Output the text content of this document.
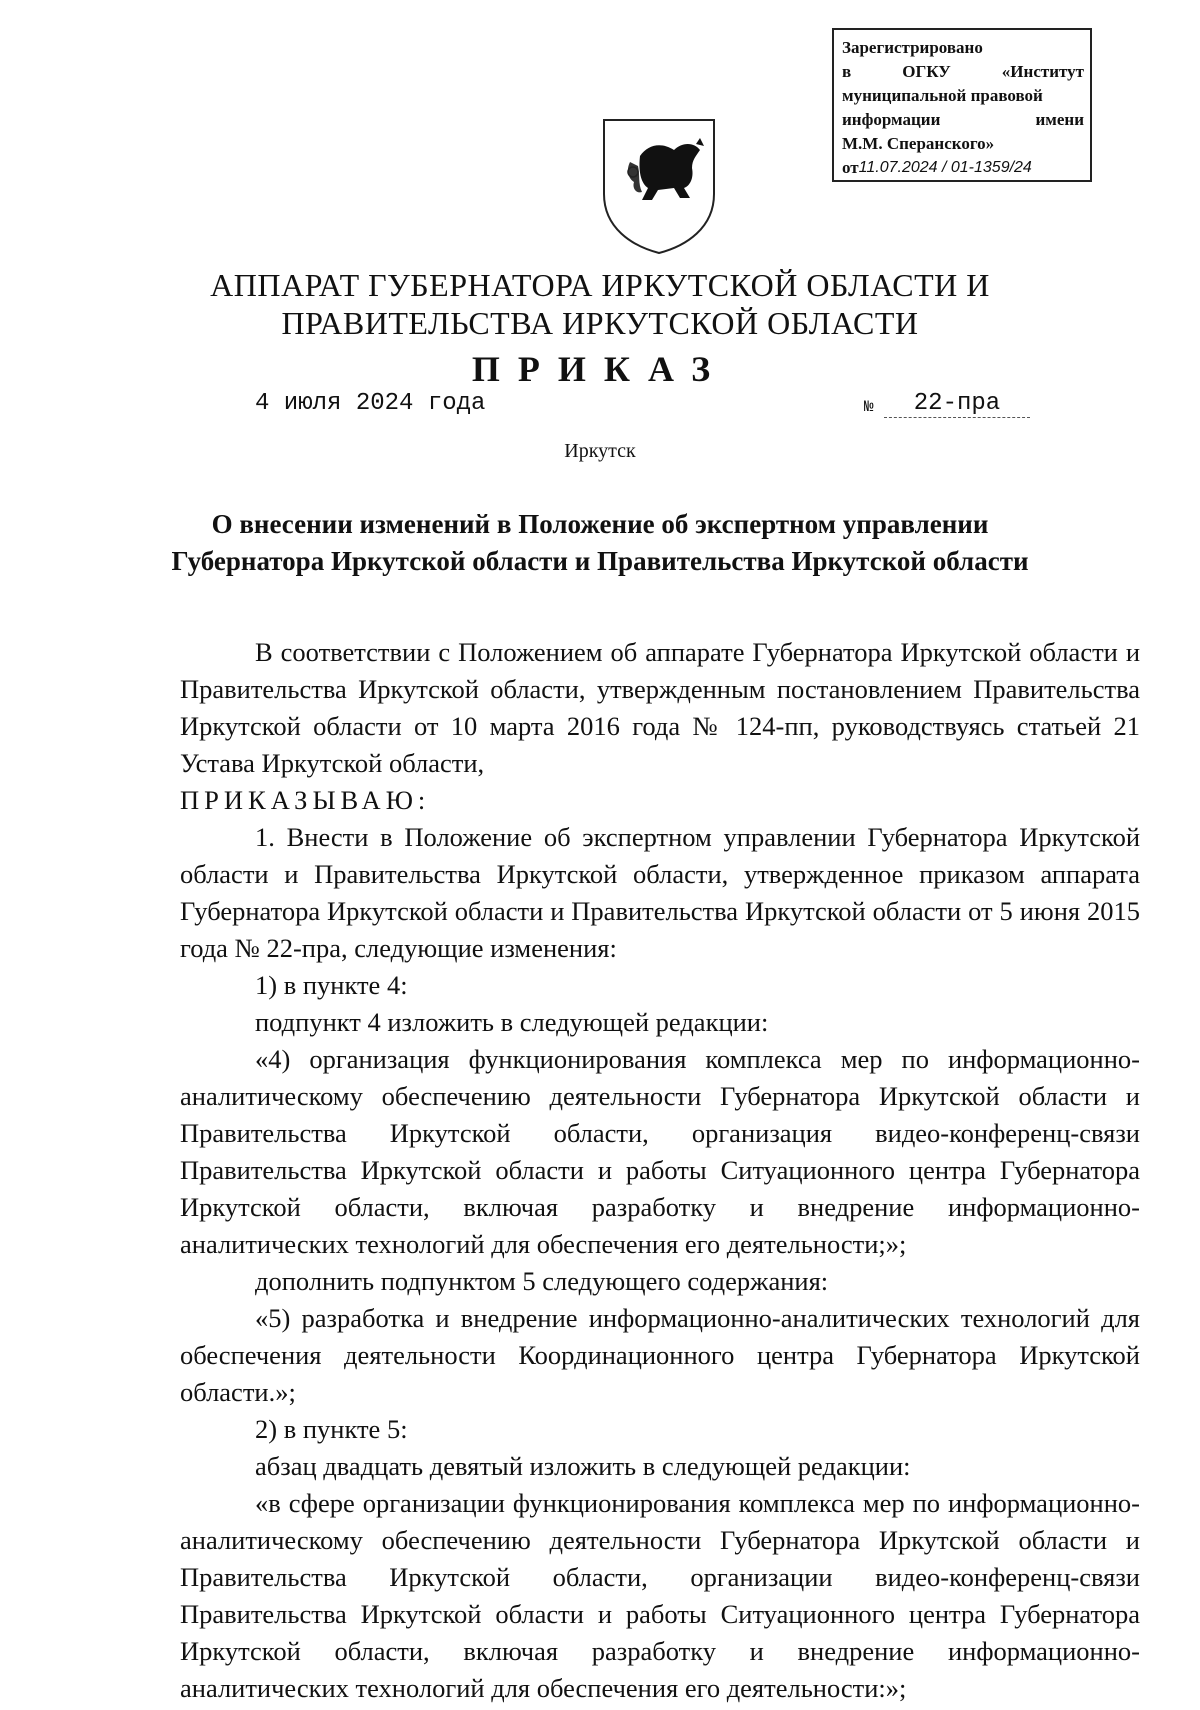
Зарегистрировано
в	ОГКУ	«Институт
муниципальной правовой
информации	имени
М.М. Сперанского»
от 11.07.2024 / 01-1359/24
АППАРАТ ГУБЕРНАТОРА ИРКУТСКОЙ ОБЛАСТИ И
ПРАВИТЕЛЬСТВА ИРКУТСКОЙ ОБЛАСТИ
ПРИКАЗ
4 июля 2024 года	№	22-пра
Иркутск
О внесении изменений в Положение об экспертном управлении
Губернатора Иркутской области и Правительства Иркутской области

В соответствии с Положением об аппарате Губернатора Иркутской области и Правительства Иркутской области, утвержденным постановлением Правительства Иркутской области от 10 марта 2016 года № 124-пп, руководствуясь статьей 21 Устава Иркутской области,

ПРИКАЗЫВАЮ:

1. Внести в Положение об экспертном управлении Губернатора Иркутской области и Правительства Иркутской области, утвержденное приказом аппарата Губернатора Иркутской области и Правительства Иркутской области от 5 июня 2015 года № 22-пра, следующие изменения:

1) в пункте 4:

подпункт 4 изложить в следующей редакции:

«4) организация функционирования комплекса мер по информационно-аналитическому обеспечению деятельности Губернатора Иркутской области и Правительства Иркутской области, организация видео-конференц-связи Правительства Иркутской области и работы Ситуационного центра Губернатора Иркутской области, включая разработку и внедрение информационно-аналитических технологий для обеспечения его деятельности;»;

дополнить подпунктом 5 следующего содержания:

«5) разработка и внедрение информационно-аналитических технологий для обеспечения деятельности Координационного центра Губернатора Иркутской области.»;

2) в пункте 5:

абзац двадцать девятый изложить в следующей редакции:

«в сфере организации функционирования комплекса мер по информационно-аналитическому обеспечению деятельности Губернатора Иркутской области и Правительства Иркутской области, организации видео-конференц-связи Правительства Иркутской области и работы Ситуационного центра Губернатора Иркутской области, включая разработку и внедрение информационно-аналитических технологий для обеспечения его деятельности:»;
